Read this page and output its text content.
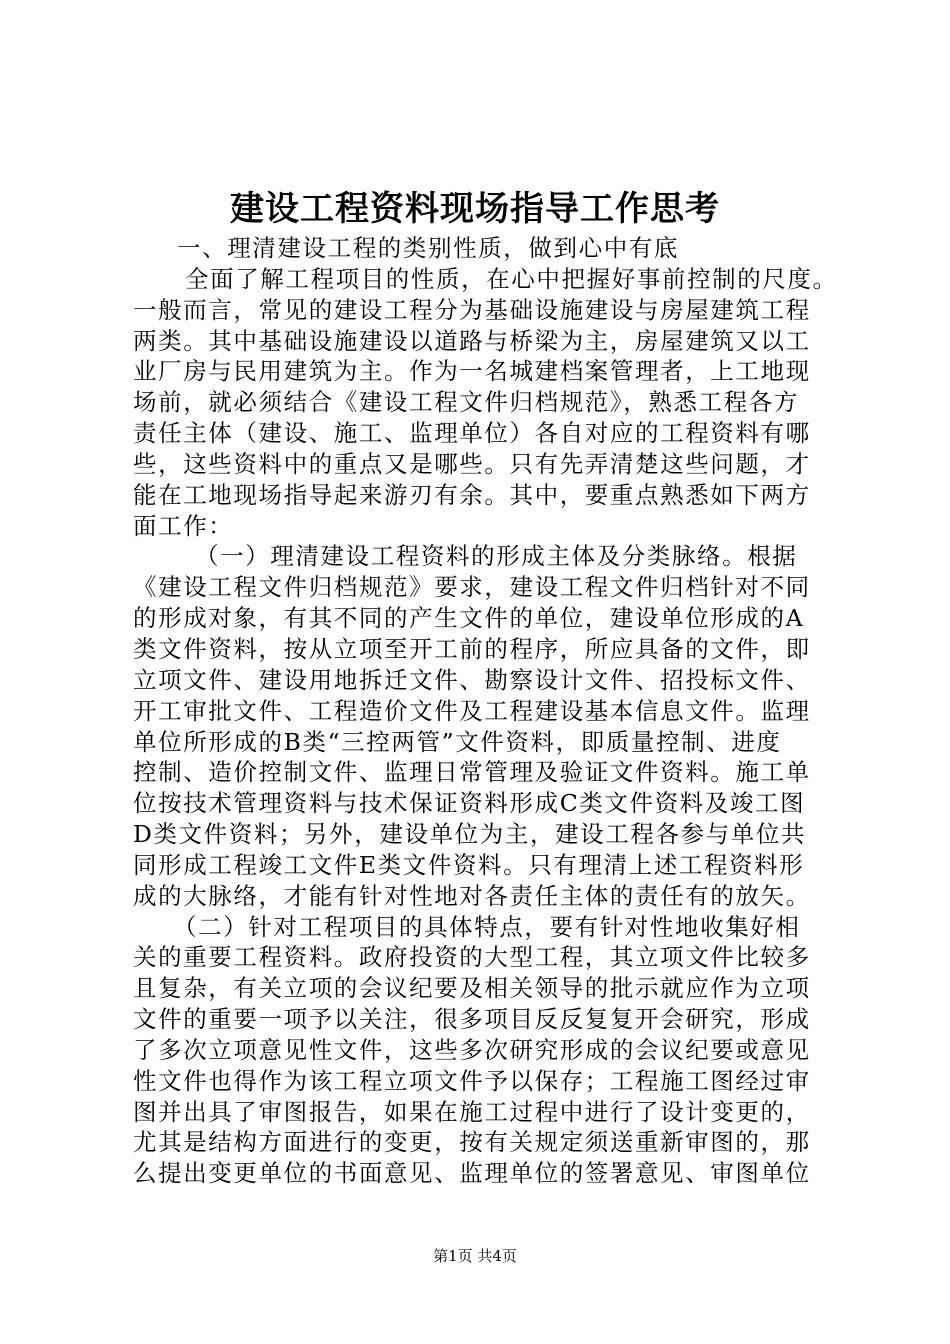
建设工程资料现场指导工作思考
一、理清建设工程的类别性质，做到心中有底
全面了解工程项目的性质，在心中把握好事前控制的尺度。
一般而言，常见的建设工程分为基础设施建设与房屋建筑工程
两类。其中基础设施建设以道路与桥梁为主，房屋建筑又以工
业厂房与民用建筑为主。作为一名城建档案管理者，上工地现
场前，就必须结合《建设工程文件归档规范》，熟悉工程各方
责任主体（建设、施工、监理单位）各自对应的工程资料有哪
些，这些资料中的重点又是哪些。只有先弄清楚这些问题，才
能在工地现场指导起来游刃有余。其中，要重点熟悉如下两方
面工作：
（一）理清建设工程资料的形成主体及分类脉络。根据
《建设工程文件归档规范》要求，建设工程文件归档针对不同
的形成对象，有其不同的产生文件的单位，建设单位形成的A
类文件资料，按从立项至开工前的程序，所应具备的文件，即
立项文件、建设用地拆迁文件、勘察设计文件、招投标文件、
开工审批文件、工程造价文件及工程建设基本信息文件。监理
单位所形成的B类“三控两管”文件资料，即质量控制、进度
控制、造价控制文件、监理日常管理及验证文件资料。施工单
位按技术管理资料与技术保证资料形成C类文件资料及竣工图
D类文件资料；另外，建设单位为主，建设工程各参与单位共
同形成工程竣工文件E类文件资料。只有理清上述工程资料形
成的大脉络，才能有针对性地对各责任主体的责任有的放矢。
（二）针对工程项目的具体特点，要有针对性地收集好相
关的重要工程资料。政府投资的大型工程，其立项文件比较多
且复杂，有关立项的会议纪要及相关领导的批示就应作为立项
文件的重要一项予以关注，很多项目反反复复开会研究，形成
了多次立项意见性文件，这些多次研究形成的会议纪要或意见
性文件也得作为该工程立项文件予以保存；工程施工图经过审
图并出具了审图报告，如果在施工过程中进行了设计变更的，
尤其是结构方面进行的变更，按有关规定须送重新审图的，那
么提出变更单位的书面意见、监理单位的签署意见、审图单位
第1页 共4页
